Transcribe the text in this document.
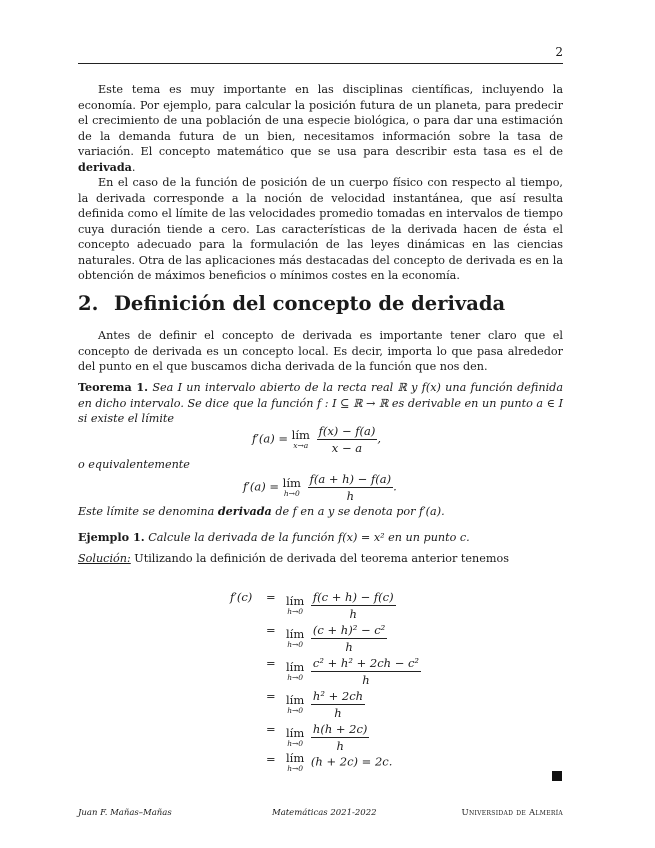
2

Este tema es muy importante en las disciplinas científicas, incluyendo la economía. Por ejemplo, para calcular la posición futura de un planeta, para predecir el crecimiento de una población de una especie biológica, o para dar una estimación de la demanda futura de un bien, necesitamos información sobre la tasa de variación. El concepto matemático que se usa para describir esta tasa es el de derivada.

En el caso de la función de posición de un cuerpo físico con respecto al tiempo, la derivada corresponde a la noción de velocidad instantánea, que así resulta definida como el límite de las velocidades promedio tomadas en intervalos de tiempo cuya duración tiende a cero. Las características de la derivada hacen de ésta el concepto adecuado para la formulación de las leyes dinámicas en las ciencias naturales. Otra de las aplicaciones más destacadas del concepto de derivada es en la obtención de máximos beneficios o mínimos costes en la economía.

2. Definición del concepto de derivada

Antes de definir el concepto de derivada es importante tener claro que el concepto de derivada es un concepto local. Es decir, importa lo que pasa alrededor del punto en el que buscamos dicha derivada de la función que nos den.

Teorema 1. Sea I un intervalo abierto de la recta real ℝ y f(x) una función definida en dicho intervalo. Se dice que la función f : I ⊆ ℝ → ℝ es derivable en un punto a ∈ I si existe el límite
f′(a) = lím
x→a
$\frac{f(x) - f(a)}{x - a}$ ,
o equivalentemente
f′(a) = lím
h→0
$\frac{f(a + h) - f(a)}{h}$ .
Este límite se denomina derivada de f en a y se denota por f′(a).
Ejemplo 1. Calcule la derivada de la función f(x) = x² en un punto c.
Solución: Utilizando la definición de derivada del teorema anterior tenemos
f′(c) = lím
h→0
$\frac{f(c + h) - f(c)}{h}$
= lím
h→0
$\frac{\text{(c + h)² − c²}}{h}$
= lím
h→0
$\frac{\text{c² + h² + 2ch − c²}}{h}$
= lím
h→0
$\frac{\text{h² + 2ch}}{h}$
= lím
h→0
$\frac{h(h + 2c)}{h}$
= lím
h→0 (h + 2c) = 2c.
Juan F. Mañas–Mañas	Matemáticas 2021-2022	Universidad de Almería
